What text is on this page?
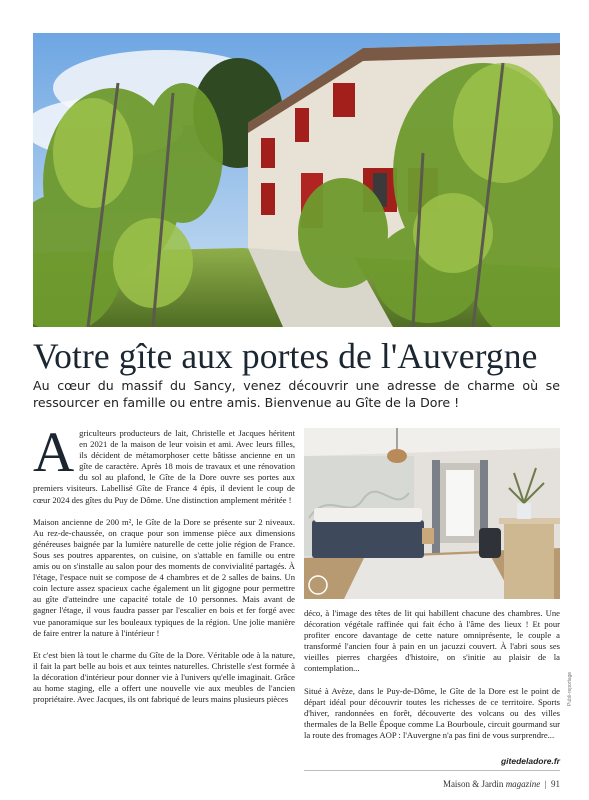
Votre gîte aux portes de l'Auvergne
Au cœur du massif du Sancy, venez découvrir une adresse de charme où se ressourcer en famille ou entre amis. Bienvenue au Gîte de la Dore !

Agriculteurs producteurs de lait, Christelle et Jacques héritent en 2021 de la maison de leur voisin et ami. Avec leurs filles, ils décident de métamorphoser cette bâtisse ancienne en un gîte de caractère. Après 18 mois de travaux et une rénovation du sol au plafond, le Gîte de la Dore ouvre ses portes aux premiers visiteurs. Labellisé Gîte de France 4 épis, il devient le coup de cœur 2024 des gîtes du Puy de Dôme. Une distinction amplement méritée !

Maison ancienne de 200 m², le Gîte de la Dore se présente sur 2 niveaux. Au rez-de-chaussée, on craque pour son immense pièce aux dimensions généreuses baignée par la lumière naturelle de cette jolie région de France. Sous ses poutres apparentes, on cuisine, on s'attable en famille ou entre amis ou on s'installe au salon pour des moments de convivialité partagés. À l'étage, l'espace nuit se compose de 4 chambres et de 2 salles de bains. Un coin lecture assez spacieux cache également un lit gigogne pour permettre au gîte d'atteindre une capacité totale de 10 personnes. Mais avant de gagner l'étage, il vous faudra passer par l'escalier en bois et fer forgé avec vue panoramique sur les bouleaux typiques de la région. Une jolie manière de faire entrer la nature à l'intérieur !

Et c'est bien là tout le charme du Gîte de la Dore. Véritable ode à la nature, il fait la part belle au bois et aux teintes naturelles. Christelle s'est formée à la décoration d'intérieur pour donner vie à l'univers qu'elle imaginait. Grâce au home staging, elle a offert une nouvelle vie aux meubles de l'ancien propriétaire. Avec Jacques, ils ont fabriqué de leurs mains plusieurs pièces

déco, à l'image des têtes de lit qui habillent chacune des chambres. Une décoration végétale raffinée qui fait écho à l'âme des lieux ! Et pour profiter encore davantage de cette nature omniprésente, le couple a transformé l'ancien four à pain en un jacuzzi couvert. À l'abri sous ses vieilles pierres chargées d'histoire, on s'initie au plaisir de la contemplation...

Situé à Avèze, dans le Puy-de-Dôme, le Gîte de la Dore est le point de départ idéal pour découvrir toutes les richesses de ce territoire. Sports d'hiver, randonnées en forêt, découverte des volcans ou des villes thermales de la Belle Époque comme La Bourboule, circuit gourmand sur la route des fromages AOP : l'Auvergne n'a pas fini de vous surprendre...

gitedeladore.fr
Publi-reportage
Maison & Jardin magazine | 91
